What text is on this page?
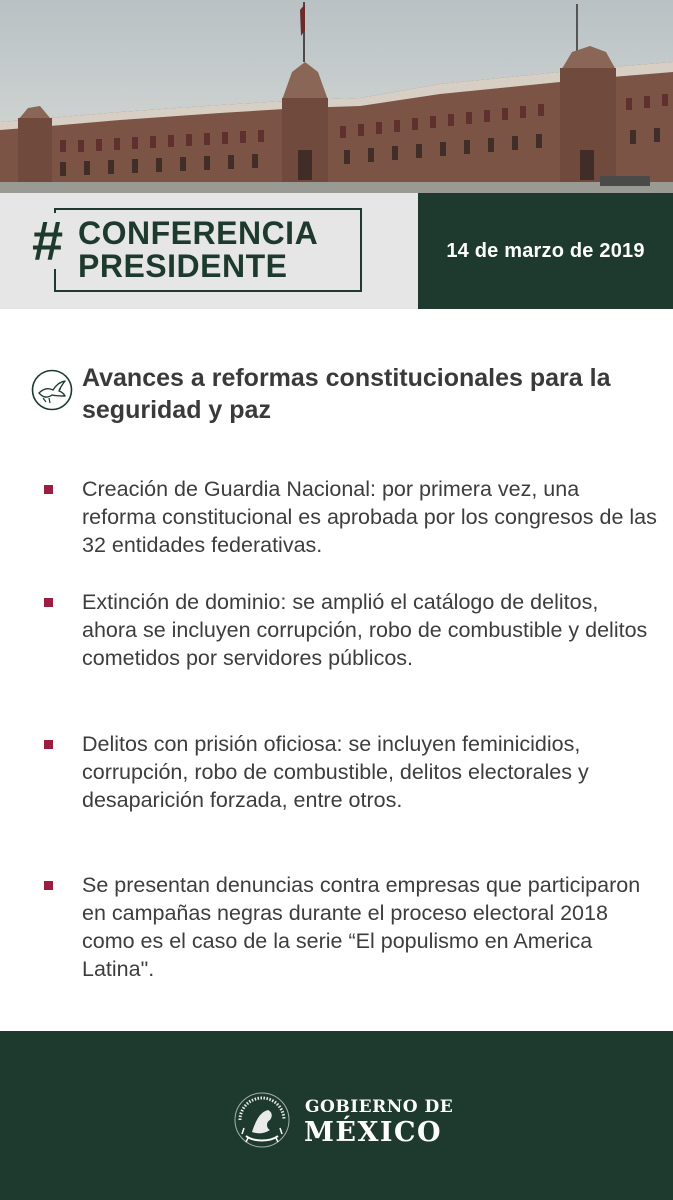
# CONFERENCIA
PRESIDENTE	14 de marzo de 2019
Avances a reformas constitucionales para la seguridad y paz
Creación de Guardia Nacional: por primera vez, una reforma constitucional es aprobada por los congresos de las 32 entidades federativas.
Extinción de dominio: se amplió el catálogo de delitos, ahora se incluyen corrupción, robo de combustible y delitos cometidos por servidores públicos.
Delitos con prisión oficiosa: se incluyen feminicidios, corrupción, robo de combustible, delitos electorales y desaparición forzada, entre otros.
Se presentan denuncias contra empresas que participaron en campañas negras durante el proceso electoral 2018 como es el caso de la serie “El populismo en America Latina".
GOBIERNO DE
MÉXICO
